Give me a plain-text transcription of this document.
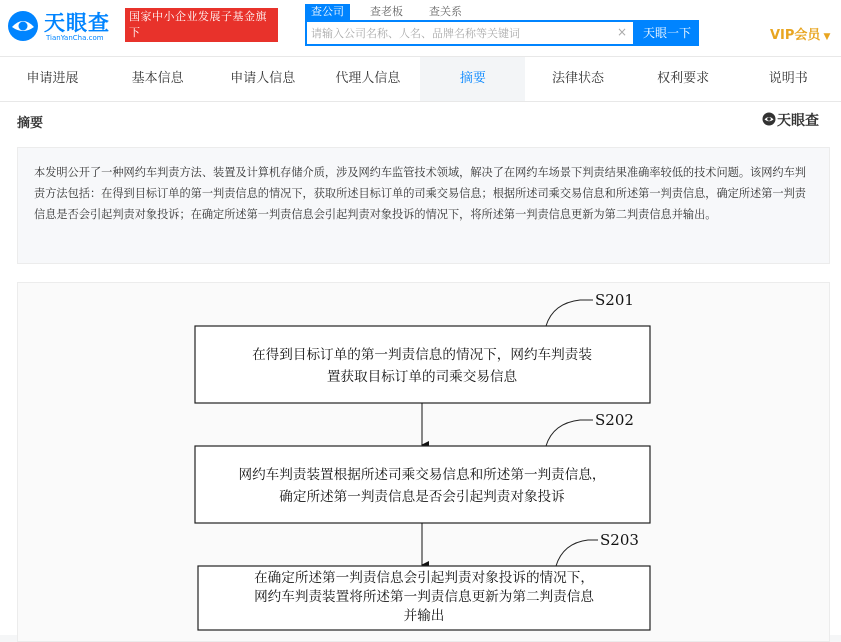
天眼查
TianYanCha.com
国家中小企业发展子基金旗下
官方备案企业征信机构
查公司	查老板	查关系
请输入公司名称、人名、品牌名称等关键词
×	天眼一下	VIP会员 ▼
申请进展	基本信息	申请人信息	代理人信息	摘要	法律状态	权利要求	说明书
摘要	天眼查
本发明公开了一种网约车判责方法、装置及计算机存储介质，涉及网约车监管技术领域，解决了在网约车场景下判责结果准确率较低的技术问题。该网约车判责方法包括：在得到目标订单的第一判责信息的情况下，获取所述目标订单的司乘交易信息；根据所述司乘交易信息和所述第一判责信息，确定所述第一判责信息是否会引起判责对象投诉；在确定所述第一判责信息会引起判责对象投诉的情况下，将所述第一判责信息更新为第二判责信息并输出。
S201
在得到目标订单的第一判责信息的情况下，网约车判责装
置获取目标订单的司乘交易信息
S202
网约车判责装置根据所述司乘交易信息和所述第一判责信息，
确定所述第一判责信息是否会引起判责对象投诉
S203
在确定所述第一判责信息会引起判责对象投诉的情况下，
网约车判责装置将所述第一判责信息更新为第二判责信息
并输出
